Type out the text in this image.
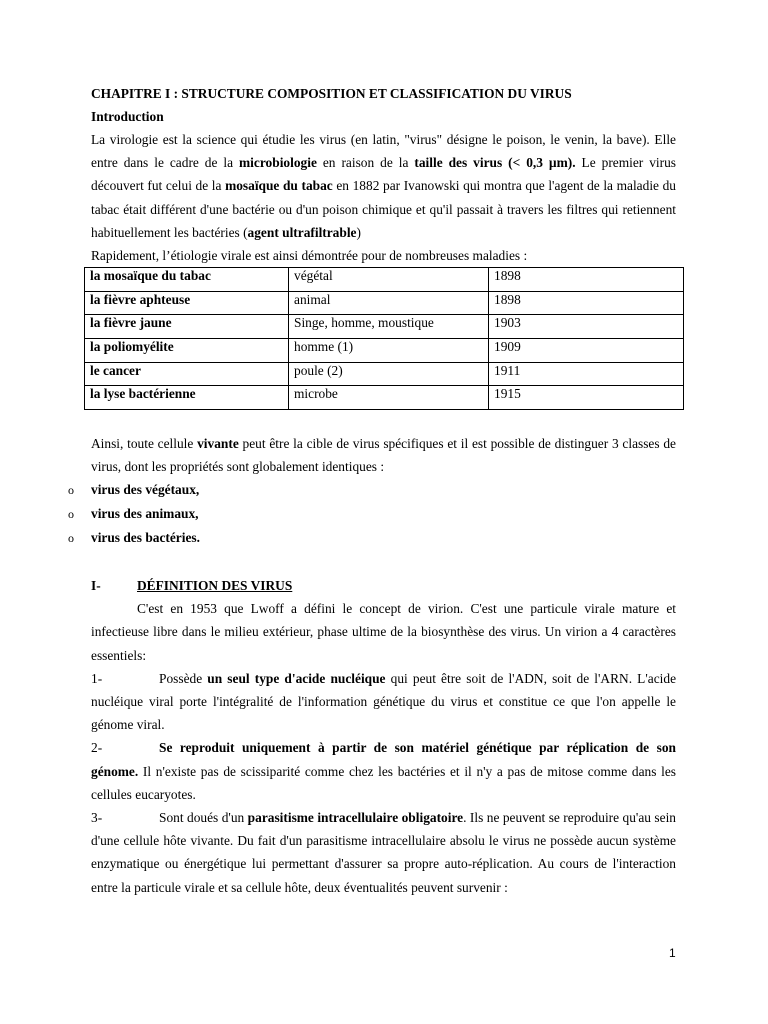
CHAPITRE I : STRUCTURE COMPOSITION ET CLASSIFICATION DU VIRUS

Introduction

La virologie est la science qui étudie les virus (en latin, "virus" désigne le poison, le venin, la bave). Elle entre dans le cadre de la microbiologie en raison de la taille des virus (< 0,3 µm). Le premier virus découvert fut celui de la mosaïque du tabac en 1882 par Ivanowski qui montra que l'agent de la maladie du tabac était différent d'une bactérie ou d'un poison chimique et qu'il passait à travers les filtres qui retiennent habituellement les bactéries (agent ultrafiltrable)

Rapidement, l’étiologie virale est ainsi démontrée pour de nombreuses maladies :

la mosaïque du tabac	végétal	1898
la fièvre aphteuse	animal	1898
la fièvre jaune	Singe, homme, moustique	1903
la poliomyélite	homme (1)	1909
le cancer	poule (2)	1911
la lyse bactérienne	microbe	1915

Ainsi, toute cellule vivante peut être la cible de virus spécifiques et il est possible de distinguer 3 classes de virus, dont les propriétés sont globalement identiques :

o virus des végétaux,
o virus des animaux,
o virus des bactéries.

I-	DÉFINITION DES VIRUS

C'est en 1953 que Lwoff a défini le concept de virion. C'est une particule virale mature et infectieuse libre dans le milieu extérieur, phase ultime de la biosynthèse des virus. Un virion a 4 caractères essentiels:

1-	Possède un seul type d'acide nucléique qui peut être soit de l'ADN, soit de l'ARN. L'acide nucléique viral porte l'intégralité de l'information génétique du virus et constitue ce que l'on appelle le génome viral.

2-	Se reproduit uniquement à partir de son matériel génétique par réplication de son génome. Il n'existe pas de scissiparité comme chez les bactéries et il n'y a pas de mitose comme dans les cellules eucaryotes.

3-	Sont doués d'un parasitisme intracellulaire obligatoire. Ils ne peuvent se reproduire qu'au sein d'une cellule hôte vivante. Du fait d'un parasitisme intracellulaire absolu le virus ne possède aucun système enzymatique ou énergétique lui permettant d'assurer sa propre auto-réplication. Au cours de l'interaction entre la particule virale et sa cellule hôte, deux éventualités peuvent survenir :

1
